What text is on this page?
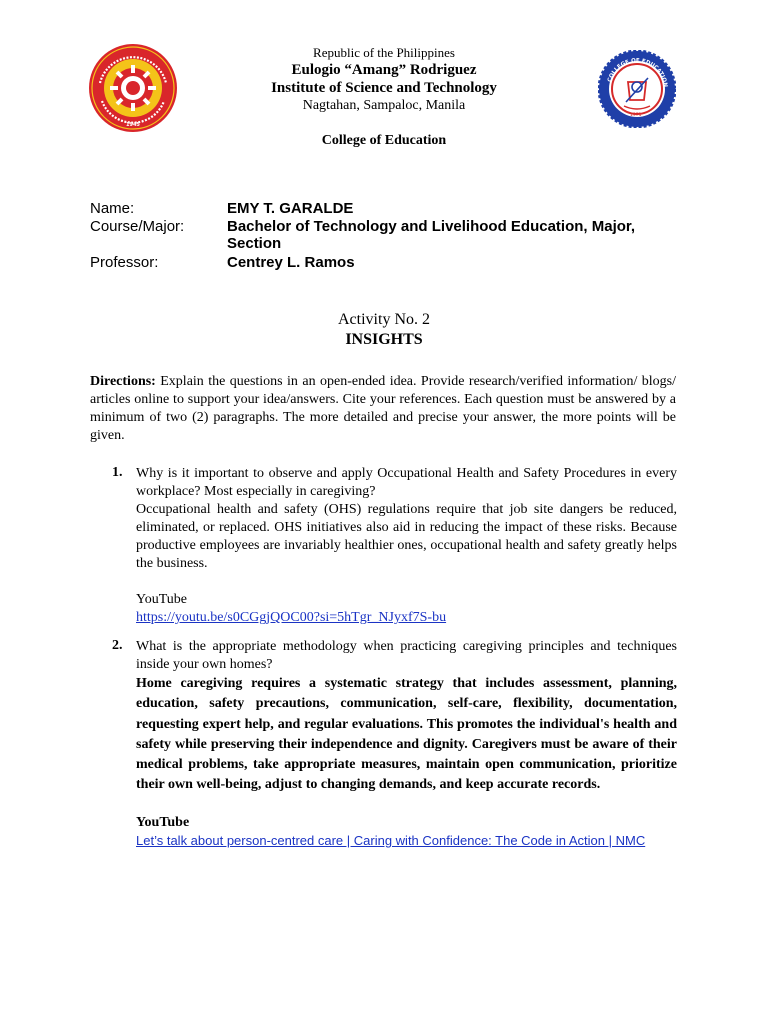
1945
1971
COLLEGE OF EDUCATION
Republic of the Philippines
Eulogio “Amang” Rodriguez
Institute of Science and Technology
Nagtahan, Sampaloc, Manila
College of Education
Name:	EMY T. GARALDE
Course/Major:	Bachelor of Technology and Livelihood Education, Major,
Section
Professor:	Centrey L. Ramos
Activity No. 2
INSIGHTS
Directions: Explain the questions in an open-ended idea. Provide research/verified information/ blogs/ articles online to support your idea/answers. Cite your references. Each question must be answered by a minimum of two (2) paragraphs. The more detailed and precise your answer, the more points will be given.
1. Why is it important to observe and apply Occupational Health and Safety Procedures in every workplace? Most especially in caregiving?

Occupational health and safety (OHS) regulations require that job site dangers be reduced, eliminated, or replaced. OHS initiatives also aid in reducing the impact of these risks. Because productive employees are invariably healthier ones, occupational health and safety greatly helps the business.

YouTube

https://youtu.be/s0CGgjQOC00?si=5hTgr_NJyxf7S-bu
2. What is the appropriate methodology when practicing caregiving principles and techniques inside your own homes?

Home caregiving requires a systematic strategy that includes assessment, planning, education, safety precautions, communication, self-care, flexibility, documentation, requesting expert help, and regular evaluations. This promotes the individual's health and safety while preserving their independence and dignity. Caregivers must be aware of their medical problems, take appropriate measures, maintain open communication, prioritize their own well-being, adjust to changing demands, and keep accurate records.

YouTube

Let’s talk about person-centred care | Caring with Confidence: The Code in Action | NMC
